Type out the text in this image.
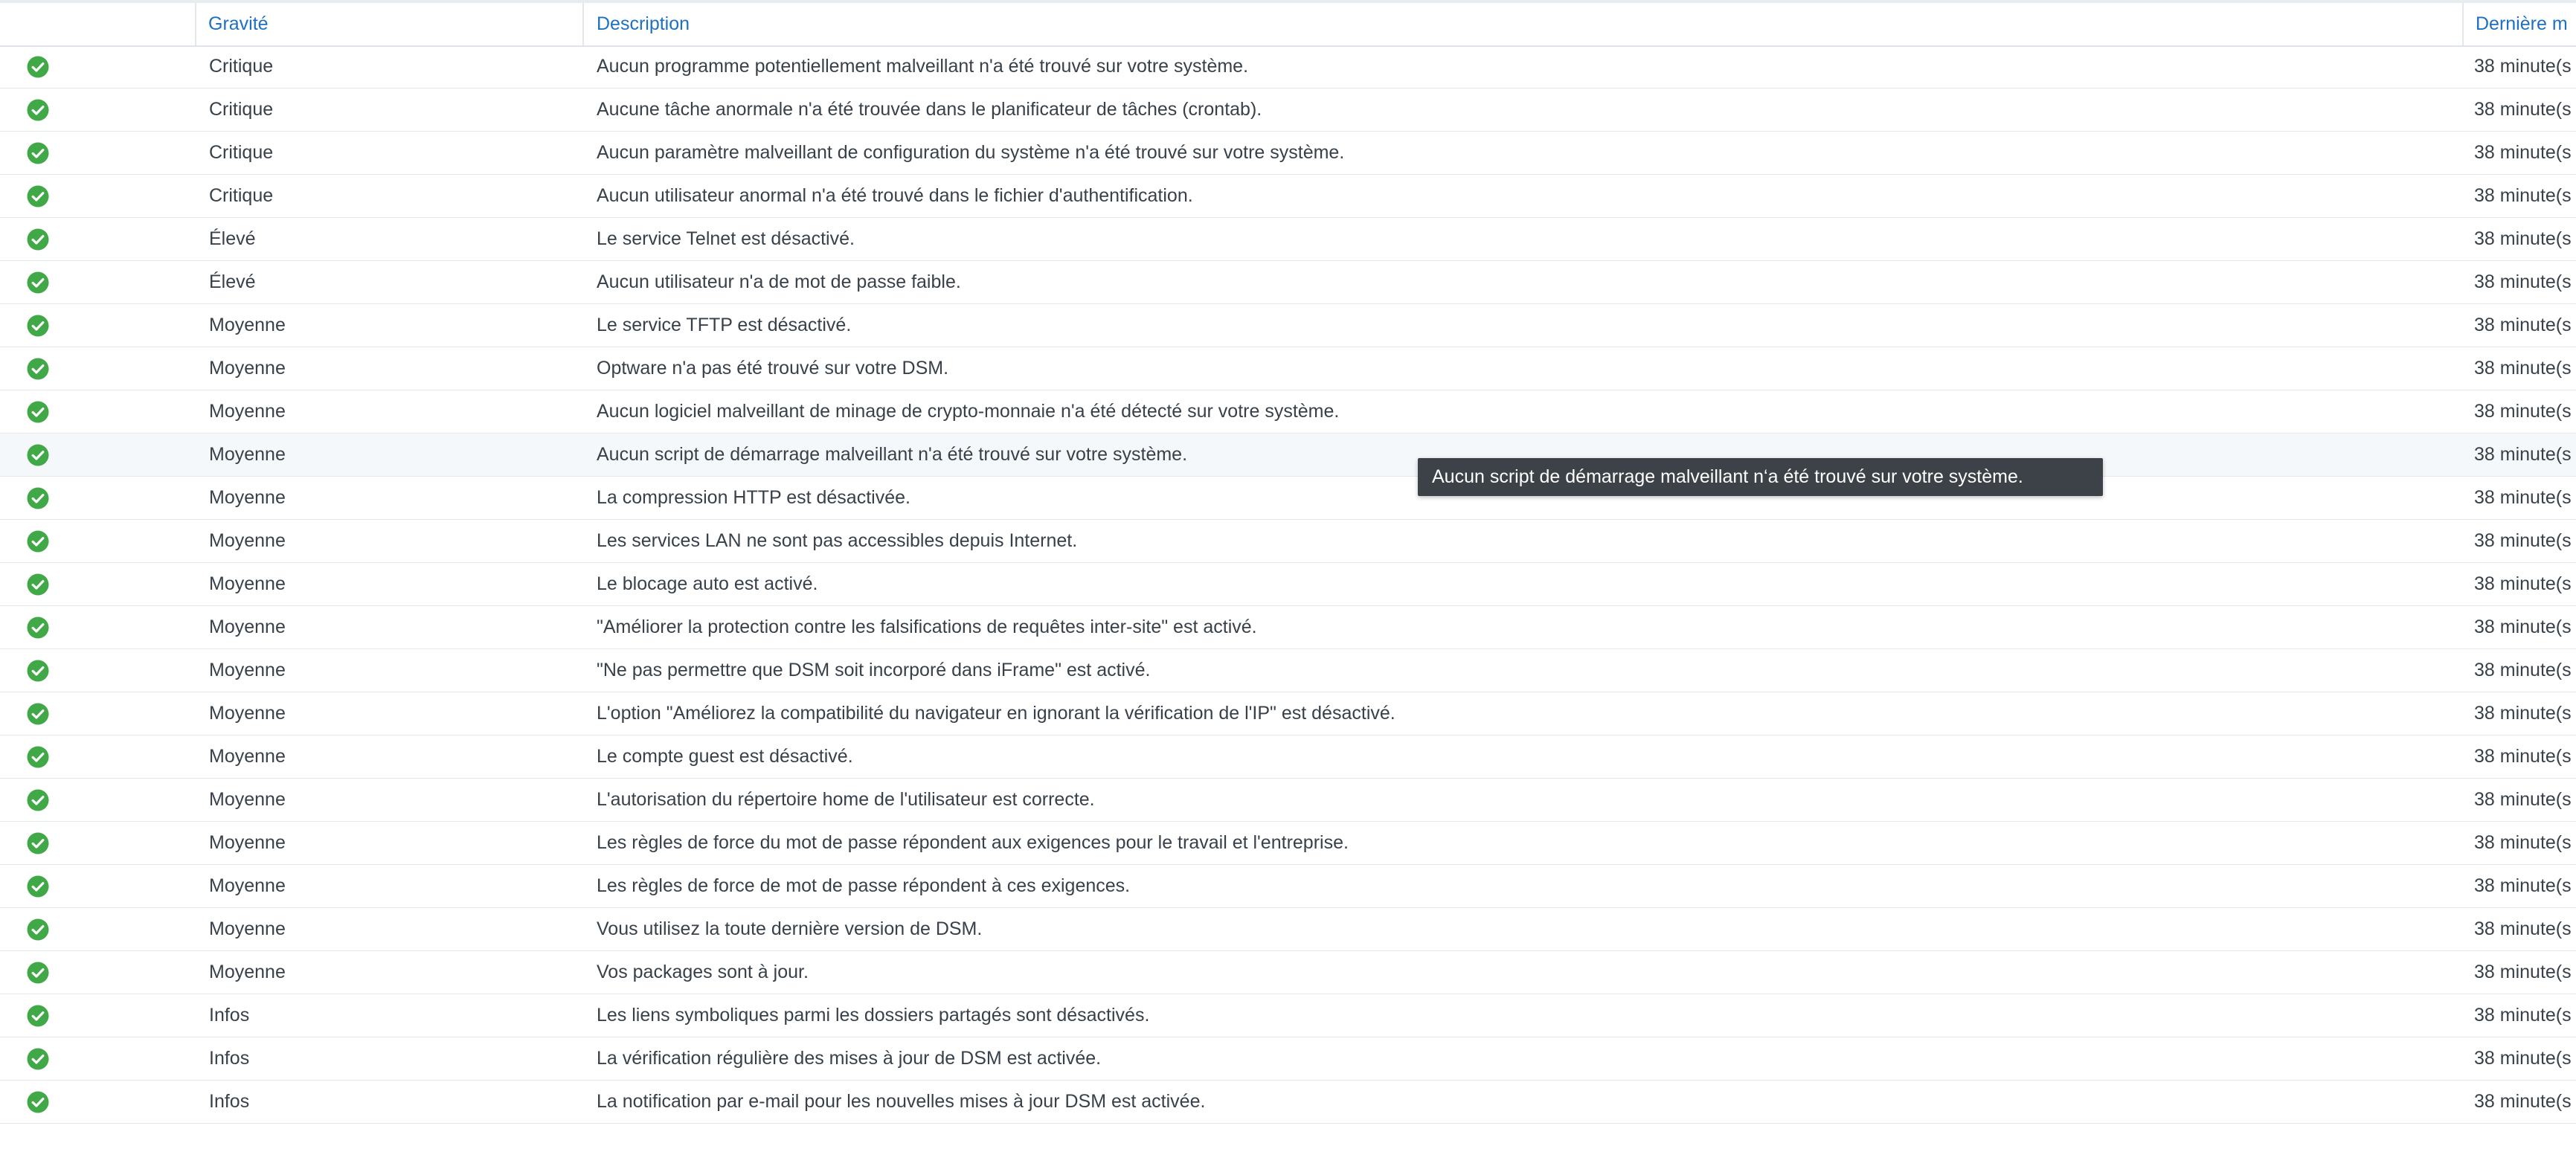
Gravité	Description	Dernière m
Critique	Aucun programme potentiellement malveillant n'a été trouvé sur votre système.	38 minute(s
Critique	Aucune tâche anormale n'a été trouvée dans le planificateur de tâches (crontab).	38 minute(s
Critique	Aucun paramètre malveillant de configuration du système n'a été trouvé sur votre système.	38 minute(s
Critique	Aucun utilisateur anormal n'a été trouvé dans le fichier d'authentification.	38 minute(s
Élevé	Le service Telnet est désactivé.	38 minute(s
Élevé	Aucun utilisateur n'a de mot de passe faible.	38 minute(s
Moyenne	Le service TFTP est désactivé.	38 minute(s
Moyenne	Optware n'a pas été trouvé sur votre DSM.	38 minute(s
Moyenne	Aucun logiciel malveillant de minage de crypto-monnaie n'a été détecté sur votre système.	38 minute(s
Moyenne	Aucun script de démarrage malveillant n'a été trouvé sur votre système.	38 minute(s
Moyenne	La compression HTTP est désactivée.	38 minute(s
Moyenne	Les services LAN ne sont pas accessibles depuis Internet.	38 minute(s
Moyenne	Le blocage auto est activé.	38 minute(s
Moyenne	"Améliorer la protection contre les falsifications de requêtes inter-site" est activé.	38 minute(s
Moyenne	"Ne pas permettre que DSM soit incorporé dans iFrame" est activé.	38 minute(s
Moyenne	L'option "Améliorez la compatibilité du navigateur en ignorant la vérification de l'IP" est désactivé.	38 minute(s
Moyenne	Le compte guest est désactivé.	38 minute(s
Moyenne	L'autorisation du répertoire home de l'utilisateur est correcte.	38 minute(s
Moyenne	Les règles de force du mot de passe répondent aux exigences pour le travail et l'entreprise.	38 minute(s
Moyenne	Les règles de force de mot de passe répondent à ces exigences.	38 minute(s
Moyenne	Vous utilisez la toute dernière version de DSM.	38 minute(s
Moyenne	Vos packages sont à jour.	38 minute(s
Infos	Les liens symboliques parmi les dossiers partagés sont désactivés.	38 minute(s
Infos	La vérification régulière des mises à jour de DSM est activée.	38 minute(s
Infos	La notification par e-mail pour les nouvelles mises à jour DSM est activée.	38 minute(s
Aucun script de démarrage malveillant n‘a été trouvé sur votre système.
